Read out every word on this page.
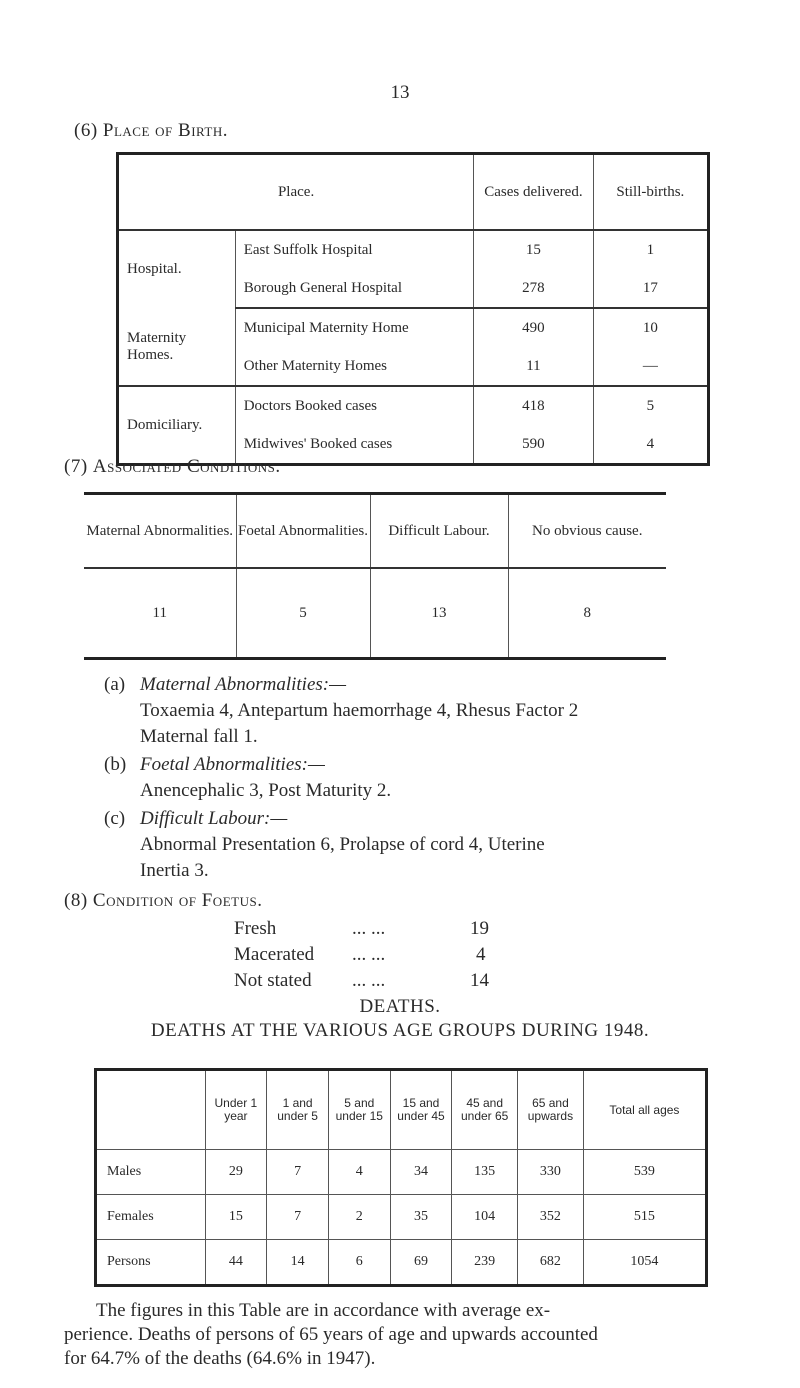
13
(6) Place of Birth.
Place.		Cases delivered.	Still-births.
Hospital.	East Suffolk Hospital	15	1
	Borough General Hospital	278	17
Maternity Homes.	Municipal Maternity Home	490	10
	Other Maternity Homes	11	—
Domiciliary.	Doctors Booked cases	418	5
	Midwives' Booked cases	590	4
(7) Associated Conditions.
Maternal Abnormalities.	Foetal Abnormalities.	Difficult Labour.	No obvious cause.
11	5	13	8
(a) Maternal Abnormalities:—
Toxaemia 4, Antepartum haemorrhage 4, Rhesus Factor 2
Maternal fall 1.
(b) Foetal Abnormalities:—
Anencephalic 3, Post Maturity 2.
(c) Difficult Labour:—
Abnormal Presentation 6, Prolapse of cord 4, Uterine
Inertia 3.
(8) Condition of Foetus.
Fresh	... ...	19
Macerated ... ...	4
Not stated ... ...	14
DEATHS.
DEATHS AT THE VARIOUS AGE GROUPS DURING 1948.
	Under 1 year	1 and under 5	5 and under 15	15 and under 45	45 and under 65	65 and upwards	Total all ages
Males	29	7	4	34	135	330	539
Females	15	7	2	35	104	352	515
Persons	44	14	6	69	239	682	1054
The figures in this Table are in accordance with average ex-
perience. Deaths of persons of 65 years of age and upwards accounted
for 64.7% of the deaths (64.6% in 1947).
